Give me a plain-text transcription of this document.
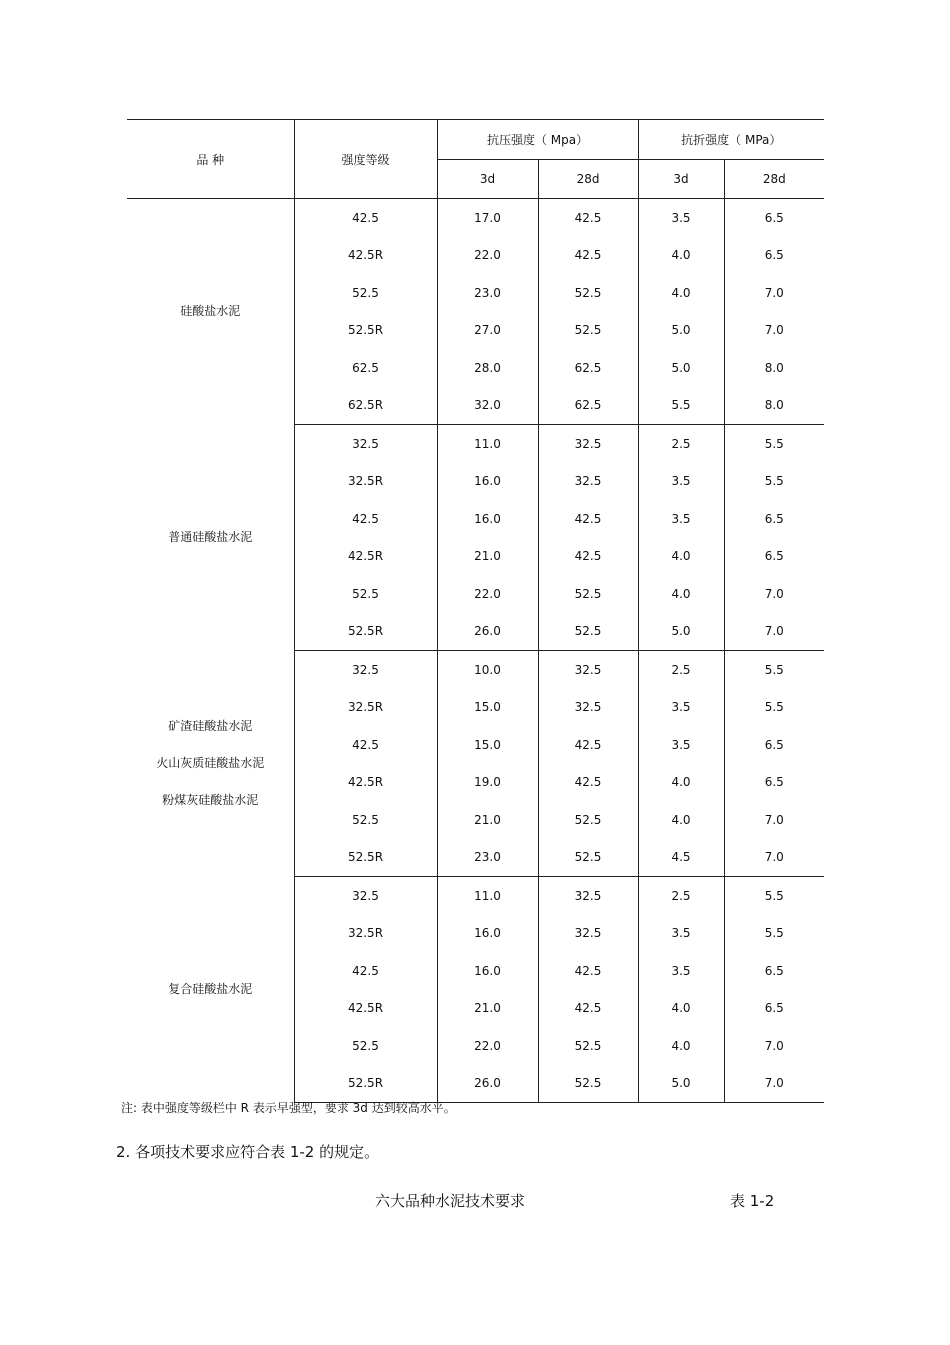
品 种	强度等级	抗压强度（ Mpa）		抗折强度（ MPa）	
		3d	28d	3d	28d

硅酸盐水泥	42.5	17.0	42.5	3.5	6.5
	42.5R	22.0	42.5	4.0	6.5
	52.5	23.0	52.5	4.0	7.0
	52.5R	27.0	52.5	5.0	7.0
	62.5	28.0	62.5	5.0	8.0
	62.5R	32.0	62.5	5.5	8.0

普通硅酸盐水泥	32.5	11.0	32.5	2.5	5.5
	32.5R	16.0	32.5	3.5	5.5
	42.5	16.0	42.5	3.5	6.5
	42.5R	21.0	42.5	4.0	6.5
	52.5	22.0	52.5	4.0	7.0
	52.5R	26.0	52.5	5.0	7.0

矿渣硅酸盐水泥
火山灰质硅酸盐水泥
粉煤灰硅酸盐水泥	32.5	10.0	32.5	2.5	5.5
	32.5R	15.0	32.5	3.5	5.5
	42.5	15.0	42.5	3.5	6.5
	42.5R	19.0	42.5	4.0	6.5
	52.5	21.0	52.5	4.0	7.0
	52.5R	23.0	52.5	4.5	7.0

复合硅酸盐水泥	32.5	11.0	32.5	2.5	5.5
	32.5R	16.0	32.5	3.5	5.5
	42.5	16.0	42.5	3.5	6.5
	42.5R	21.0	42.5	4.0	6.5
	52.5	22.0	52.5	4.0	7.0
	52.5R	26.0	52.5	5.0	7.0
注: 表中强度等级栏中 R 表示早强型，要求 3d 达到较高水平。
2. 各项技术要求应符合表 1-2 的规定。
六大品种水泥技术要求	表 1-2
